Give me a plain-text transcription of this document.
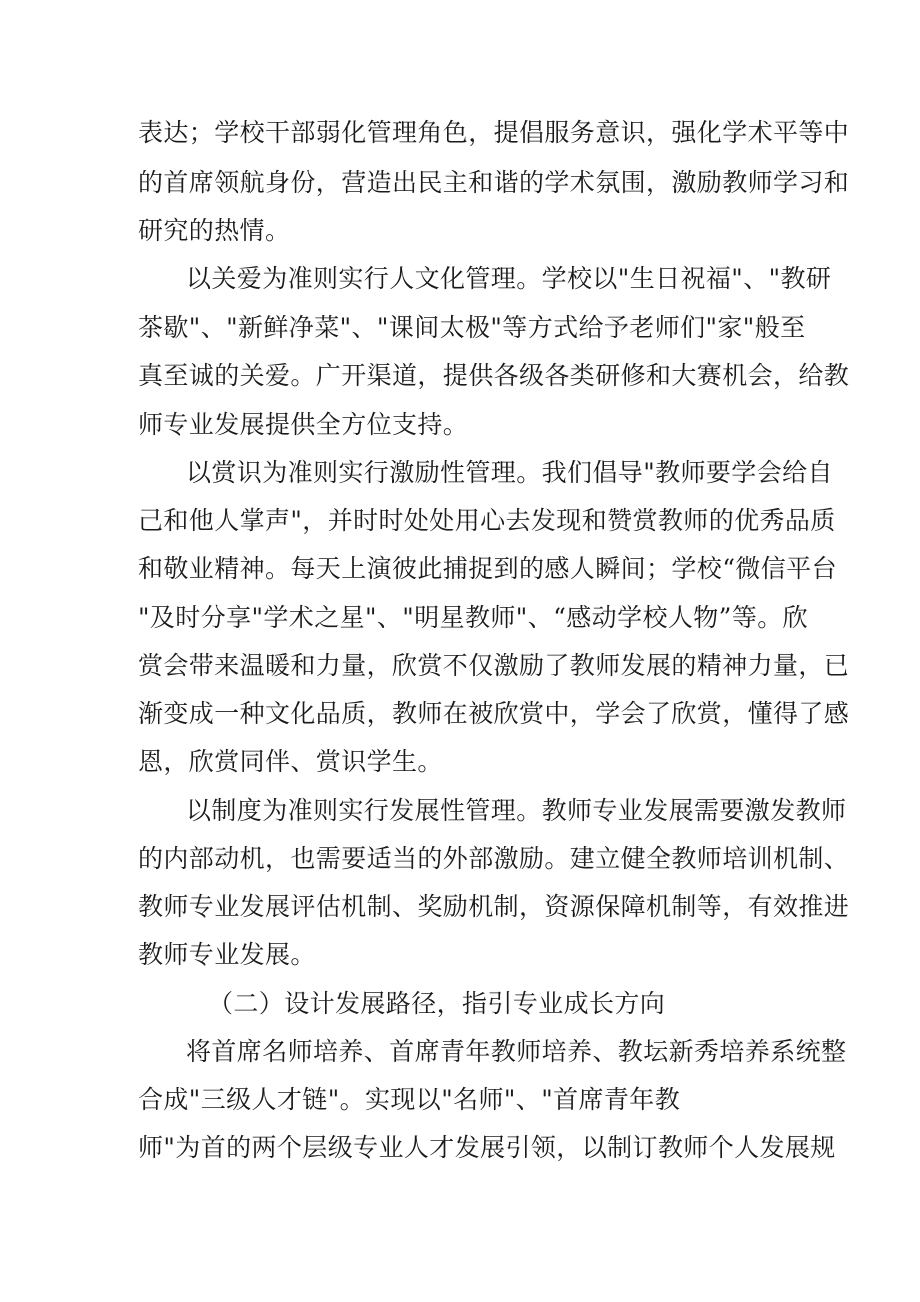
表达；学校干部弱化管理角色，提倡服务意识，强化学术平等中
的首席领航身份，营造出民主和谐的学术氛围，激励教师学习和
研究的热情。
以关爱为准则实行人文化管理。学校以"生日祝福"、"教研
茶歇"、"新鲜净菜"、"课间太极"等方式给予老师们"家"般至
真至诚的关爱。广开渠道，提供各级各类研修和大赛机会，给教
师专业发展提供全方位支持。
以赏识为准则实行激励性管理。我们倡导"教师要学会给自
己和他人掌声"，并时时处处用心去发现和赞赏教师的优秀品质
和敬业精神。每天上演彼此捕捉到的感人瞬间；学校“微信平台
"及时分享"学术之星"、"明星教师"、“感动学校人物”等。欣
赏会带来温暖和力量，欣赏不仅激励了教师发展的精神力量，已
渐变成一种文化品质，教师在被欣赏中，学会了欣赏，懂得了感
恩，欣赏同伴、赏识学生。
以制度为准则实行发展性管理。教师专业发展需要激发教师
的内部动机，也需要适当的外部激励。建立健全教师培训机制、
教师专业发展评估机制、奖励机制，资源保障机制等，有效推进
教师专业发展。
（二）设计发展路径，指引专业成长方向
将首席名师培养、首席青年教师培养、教坛新秀培养系统整
合成"三级人才链"。实现以"名师"、"首席青年教
师"为首的两个层级专业人才发展引领，以制订教师个人发展规
